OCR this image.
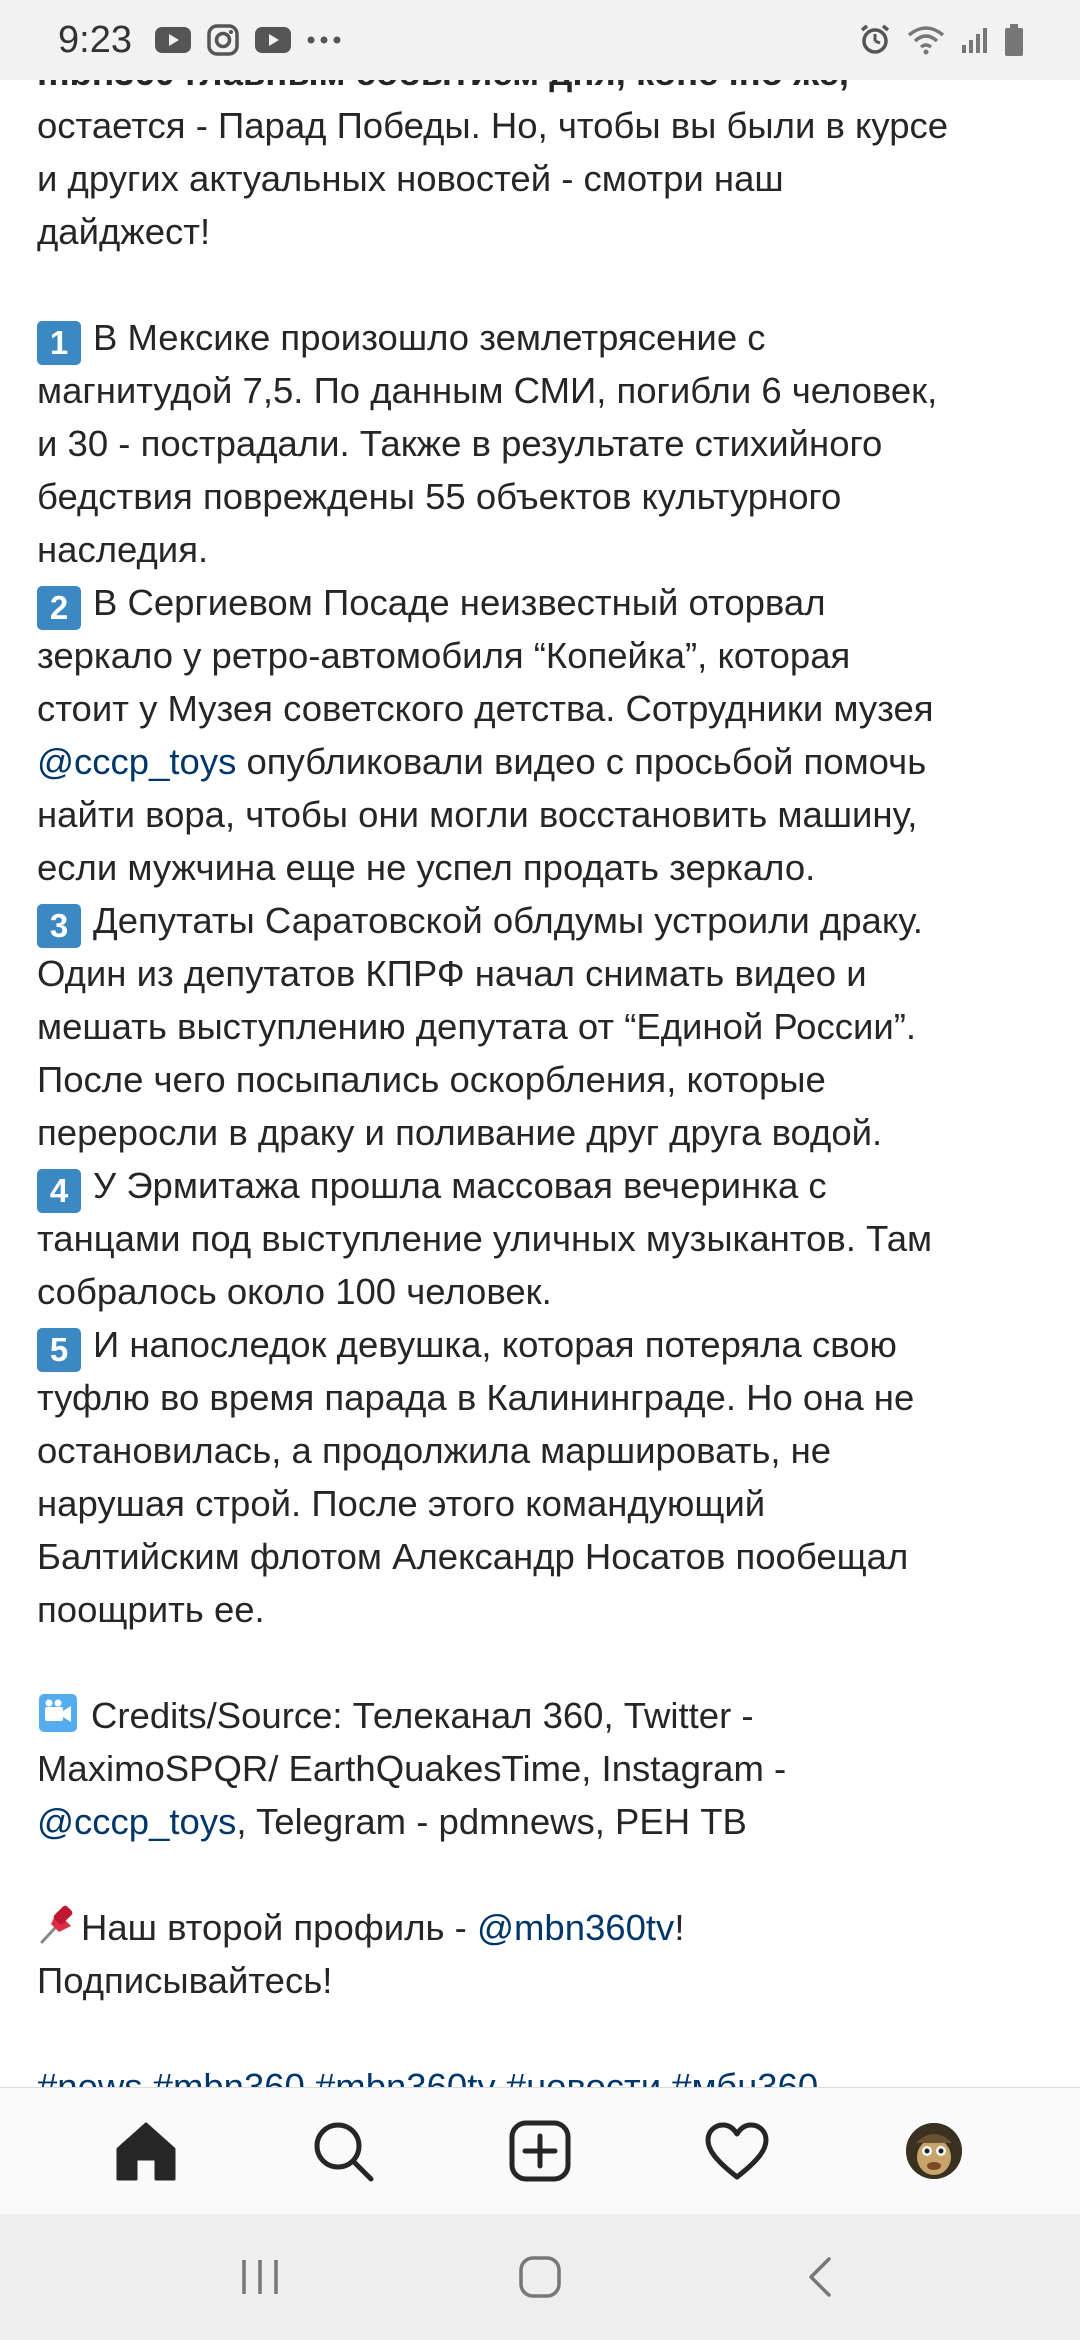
9:23
остается - Парад Победы. Но, чтобы вы были в курсе
и других актуальных новостей - смотри наш
дайджест!
1 В Мексике произошло землетрясение с
магнитудой 7,5. По данным СМИ, погибли 6 человек,
и 30 - пострадали. Также в результате стихийного
бедствия повреждены 55 объектов культурного
наследия.
2 В Сергиевом Посаде неизвестный оторвал
зеркало у ретро-автомобиля “Копейка”, которая
стоит у Музея советского детства. Сотрудники музея
@cccp_toys опубликовали видео с просьбой помочь
найти вора, чтобы они могли восстановить машину,
если мужчина еще не успел продать зеркало.
3 Депутаты Саратовской облдумы устроили драку.
Один из депутатов КПРФ начал снимать видео и
мешать выступлению депутата от “Единой России”.
После чего посыпались оскорбления, которые
переросли в драку и поливание друг друга водой.
4 У Эрмитажа прошла массовая вечеринка с
танцами под выступление уличных музыкантов. Там
собралось около 100 человек.
5 И напоследок девушка, которая потеряла свою
туфлю во время парада в Калининграде. Но она не
остановилась, а продолжила маршировать, не
нарушая строй. После этого командующий
Балтийским флотом Александр Носатов пообещал
поощрить ее.
Credits/Source: Телеканал 360, Twitter -
MaximoSPQR/ EarthQuakesTime, Instagram -
@cccp_toys, Telegram - pdmnews, РЕН ТВ
Наш второй профиль - @mbn360tv!
Подписывайтесь!
